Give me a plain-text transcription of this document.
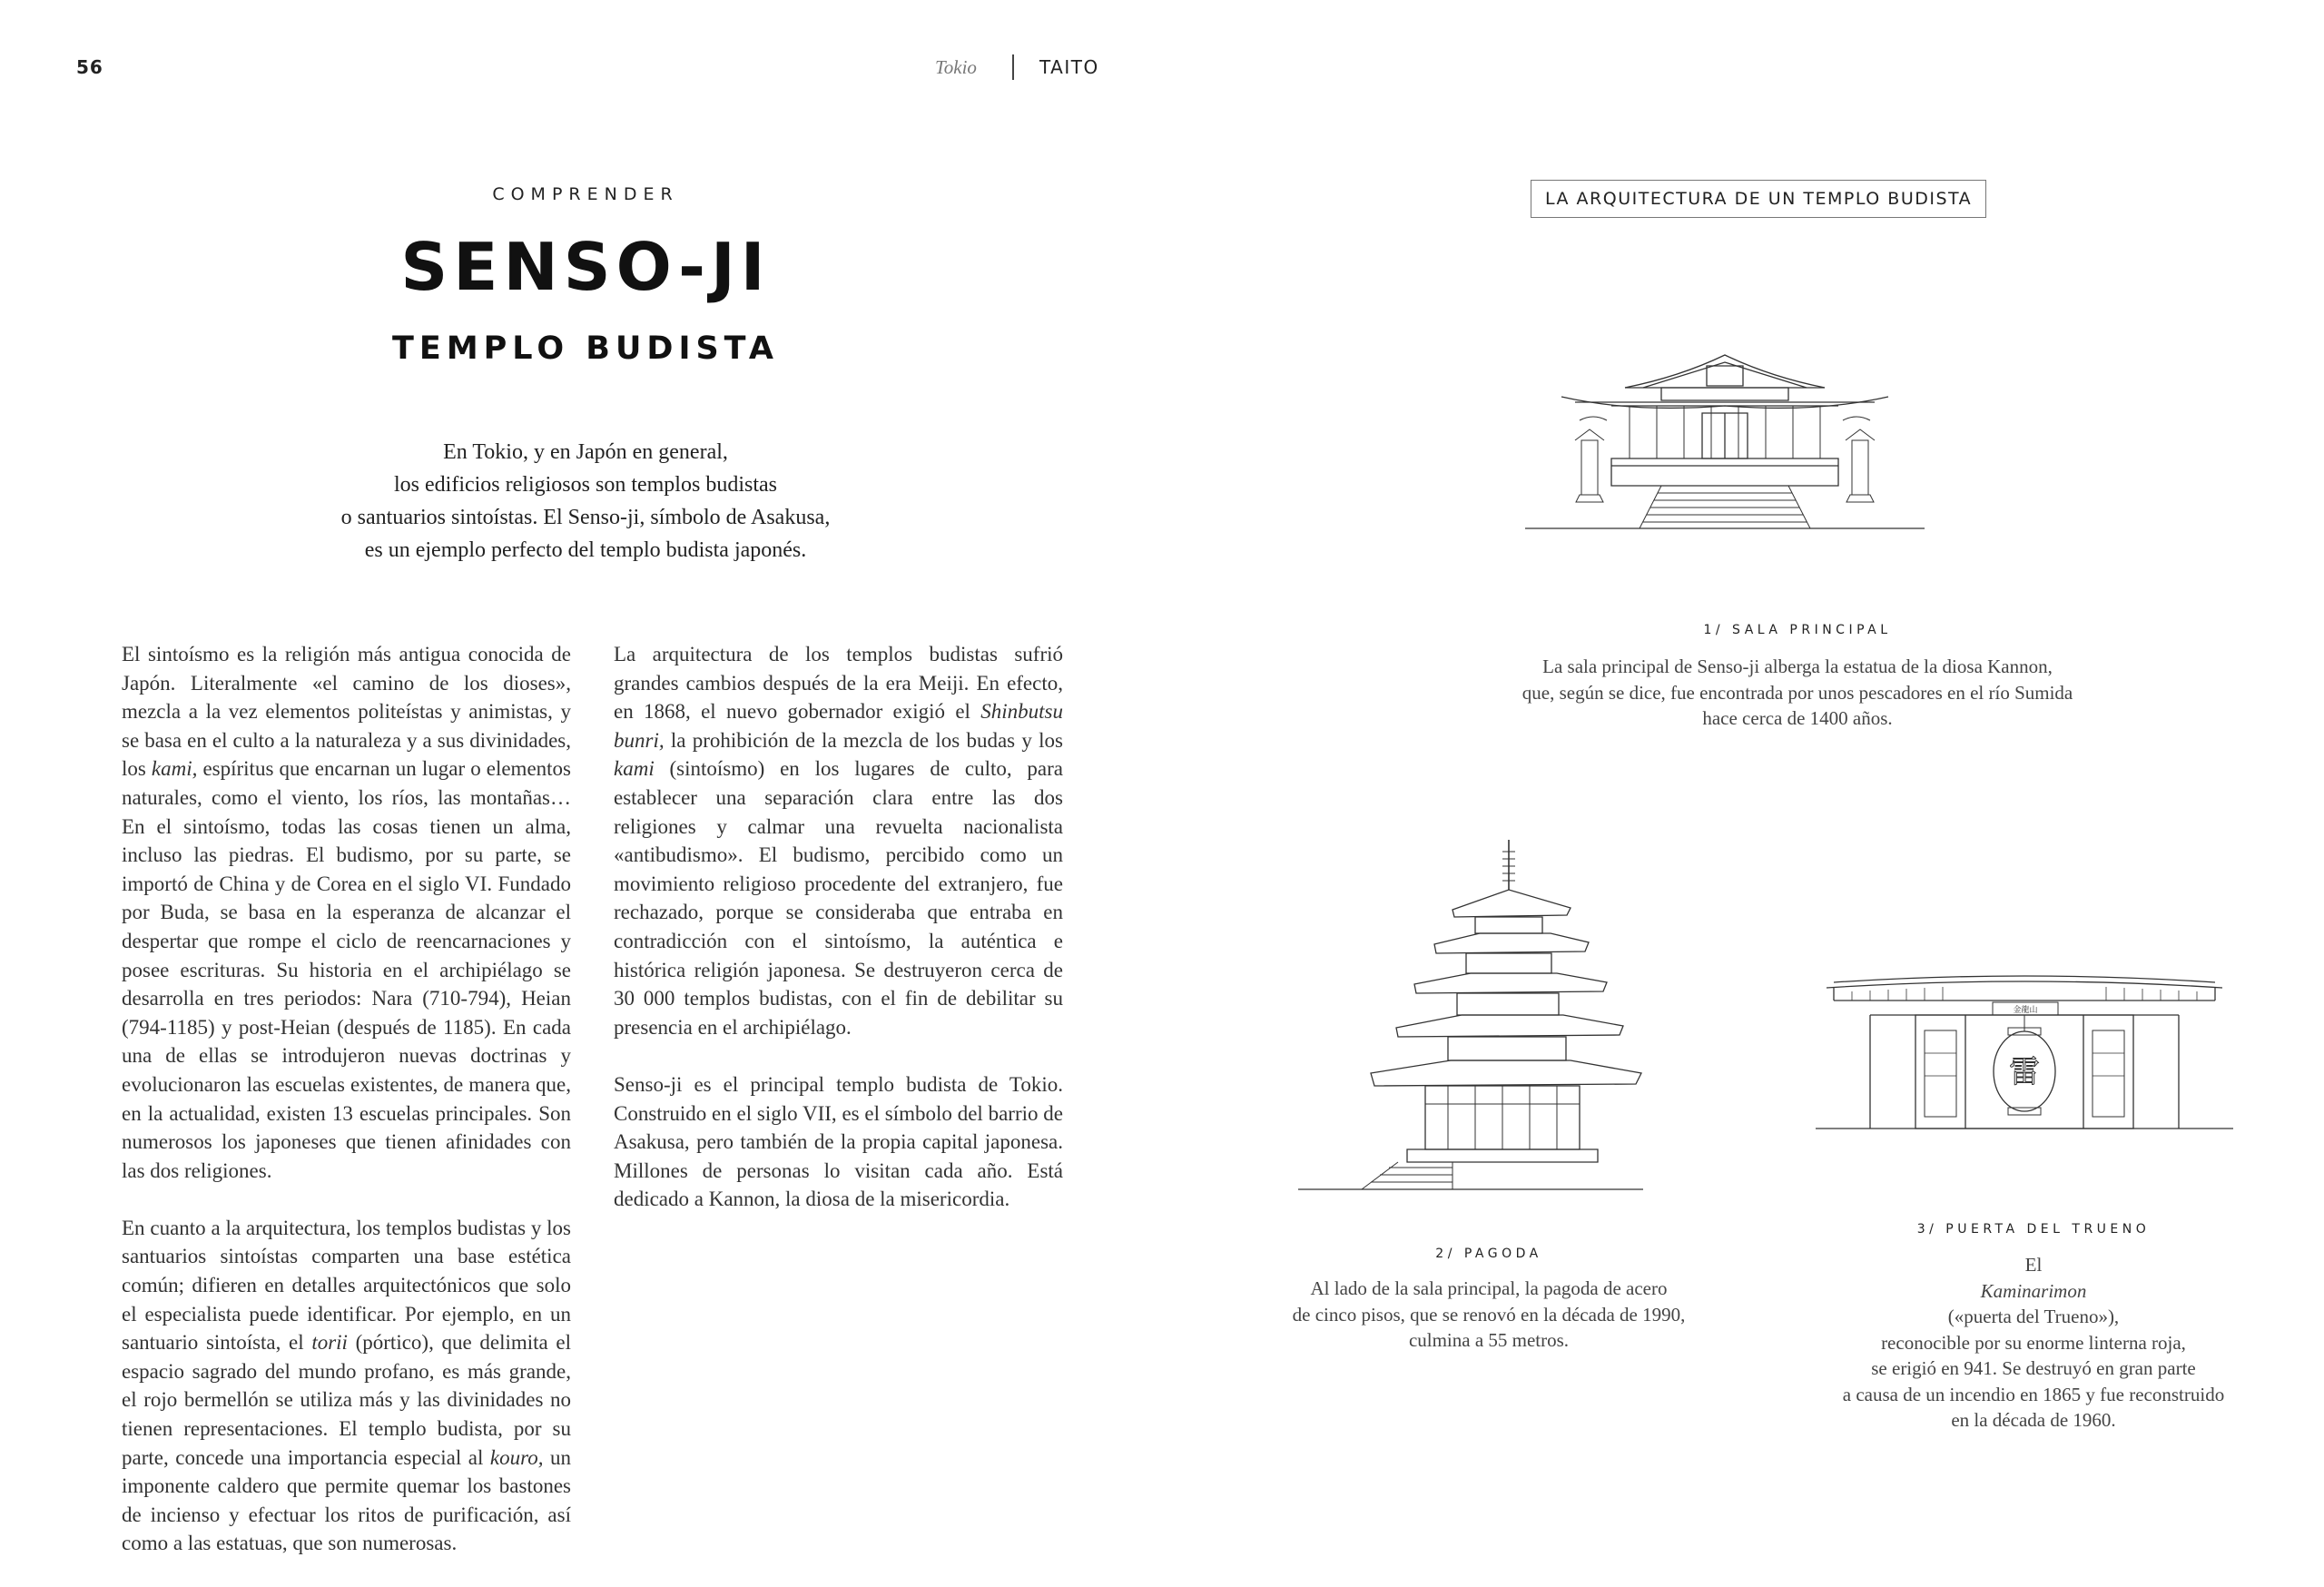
56	Tokio	TAITO
COMPRENDER
SENSO-JI
TEMPLO BUDISTA
En Tokio, y en Japón en general,
los edificios religiosos son templos budistas
o santuarios sintoístas. El Senso-ji, símbolo de Asakusa,
es un ejemplo perfecto del templo budista japonés.

El sintoísmo es la religión más antigua conocida de Japón. Literalmente «el camino de los dioses», mezcla a la vez elementos politeístas y animistas, y se basa en el culto a la naturaleza y a sus divinidades, los kami, espíritus que encarnan un lugar o elementos naturales, como el viento, los ríos, las montañas… En el sintoísmo, todas las cosas tienen un alma, incluso las piedras. El budismo, por su parte, se importó de China y de Corea en el siglo VI. Fundado por Buda, se basa en la esperanza de alcanzar el despertar que rompe el ciclo de reencarnaciones y posee escrituras. Su historia en el archipiélago se desarrolla en tres periodos: Nara (710-794), Heian (794-1185) y post-Heian (después de 1185). En cada una de ellas se introdujeron nuevas doctrinas y evolucionaron las escuelas existentes, de manera que, en la actualidad, existen 13 escuelas principales. Son numerosos los japoneses que tienen afinidades con las dos religiones.

En cuanto a la arquitectura, los templos budistas y los santuarios sintoístas comparten una base estética común; difieren en detalles arquitectónicos que solo el especialista puede identificar. Por ejemplo, en un santuario sintoísta, el torii (pórtico), que delimita el espacio sagrado del mundo profano, es más grande, el rojo bermellón se utiliza más y las divinidades no tienen representaciones. El templo budista, por su parte, concede una importancia especial al kouro, un imponente caldero que permite quemar los bastones de incienso y efectuar los ritos de purificación, así como a las estatuas, que son numerosas.

La arquitectura de los templos budistas sufrió grandes cambios después de la era Meiji. En efecto, en 1868, el nuevo gobernador exigió el Shinbutsu bunri, la prohibición de la mezcla de los budas y los kami (sintoísmo) en los lugares de culto, para establecer una separación clara entre las dos religiones y calmar una revuelta nacionalista «antibudismo». El budismo, percibido como un movimiento religioso procedente del extranjero, fue rechazado, porque se consideraba que entraba en contradicción con el sintoísmo, la auténtica e histórica religión japonesa. Se destruyeron cerca de 30 000 templos budistas, con el fin de debilitar su presencia en el archipiélago.

Senso-ji es el principal templo budista de Tokio. Construido en el siglo VII, es el símbolo del barrio de Asakusa, pero también de la propia capital japonesa. Millones de personas lo visitan cada año. Está dedicado a Kannon, la diosa de la misericordia.

LA ARQUITECTURA DE UN TEMPLO BUDISTA
1/ SALA PRINCIPAL
La sala principal de Senso-ji alberga la estatua de la diosa Kannon,
que, según se dice, fue encontrada por unos pescadores en el río Sumida
hace cerca de 1400 años.
2/ PAGODA
Al lado de la sala principal, la pagoda de acero
de cinco pisos, que se renovó en la década de 1990,
culmina a 55 metros.
金龍山
雷
3/ PUERTA DEL TRUENO
El
Kaminarimon
(«puerta del Trueno»),
reconocible por su enorme linterna roja,
se erigió en 941. Se destruyó en gran parte
a causa de un incendio en 1865 y fue reconstruido
en la década de 1960.
